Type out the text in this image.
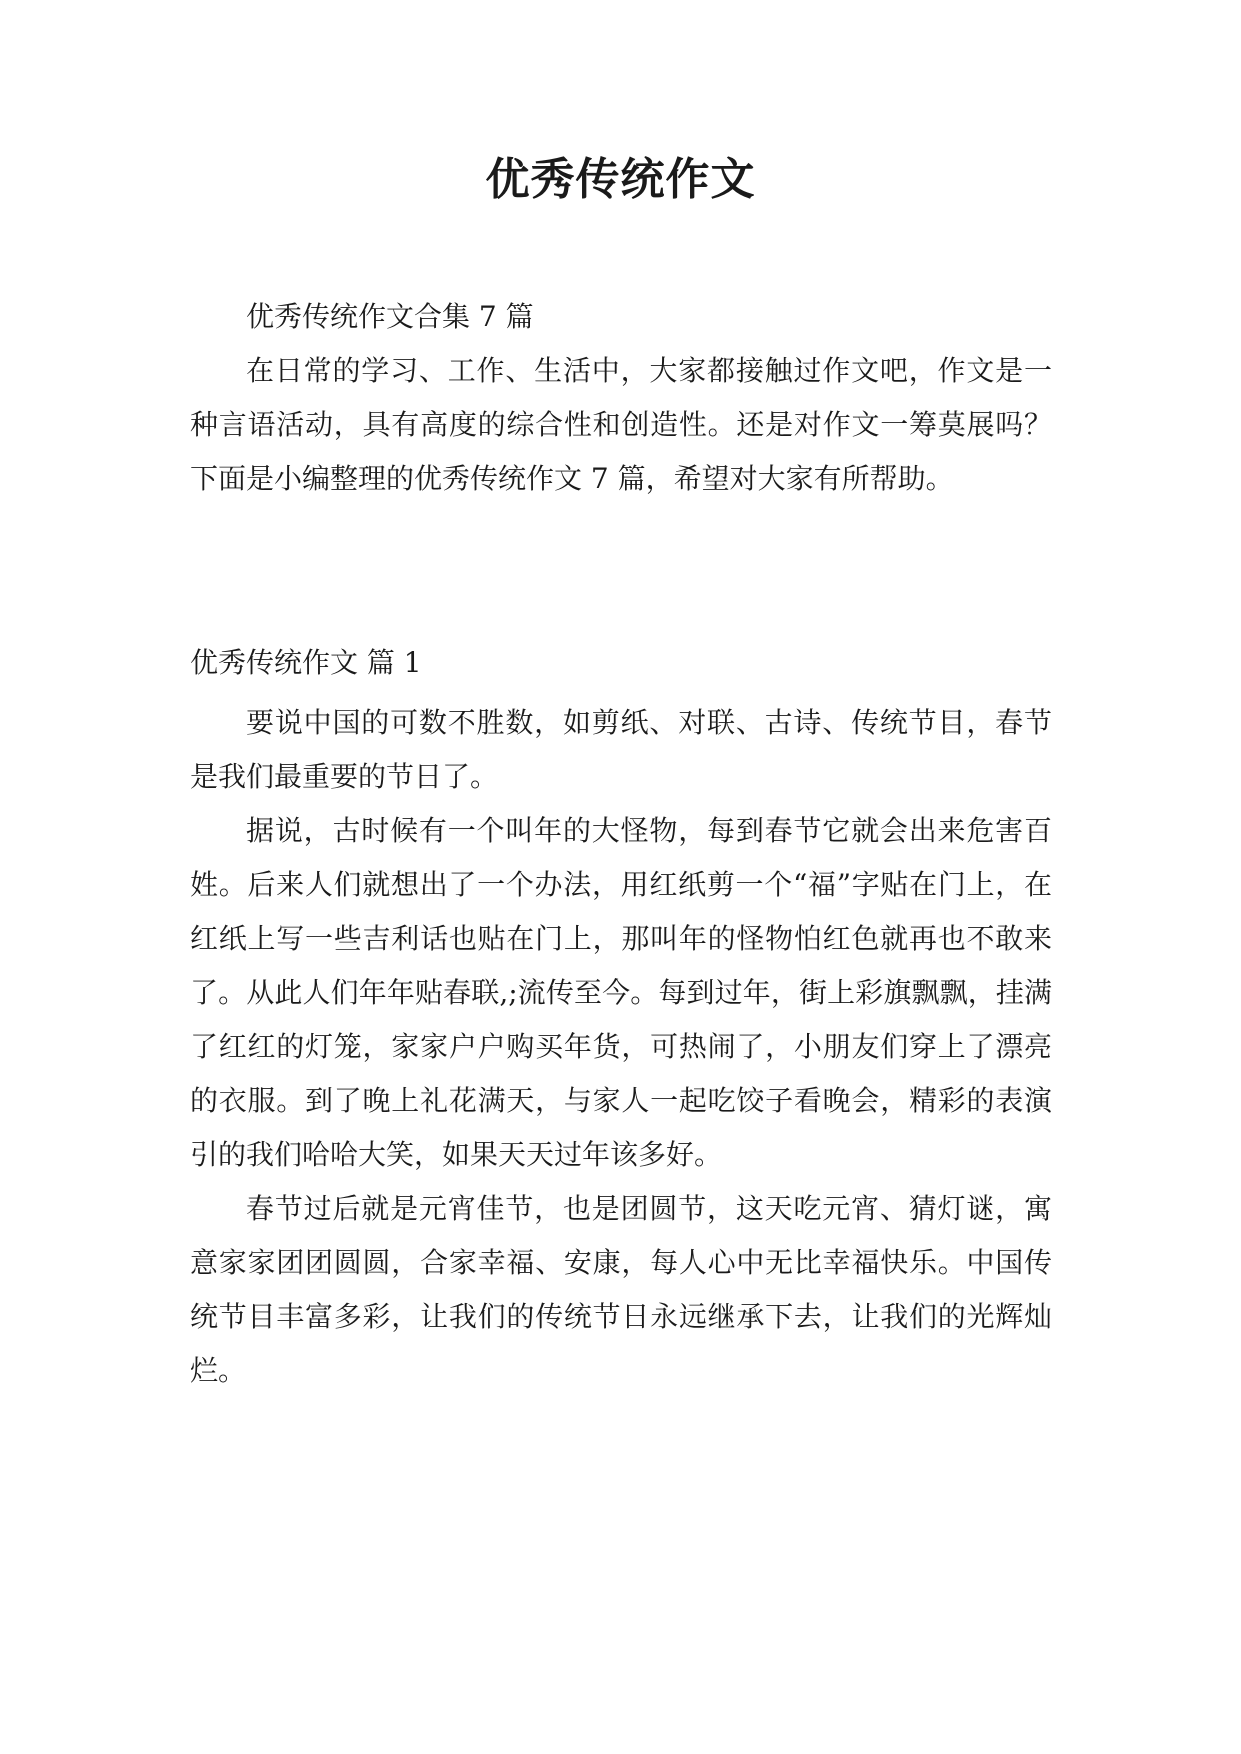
优秀传统作文

优秀传统作文合集 7 篇

在日常的学习、工作、生活中，大家都接触过作文吧，作文是一种言语活动，具有高度的综合性和创造性。还是对作文一筹莫展吗？下面是小编整理的优秀传统作文 7 篇，希望对大家有所帮助。

优秀传统作文 篇 1

要说中国的可数不胜数，如剪纸、对联、古诗、传统节目，春节是我们最重要的节日了。

据说，古时候有一个叫年的大怪物，每到春节它就会出来危害百姓。后来人们就想出了一个办法，用红纸剪一个“福”字贴在门上，在红纸上写一些吉利话也贴在门上，那叫年的怪物怕红色就再也不敢来了。从此人们年年贴春联,;流传至今。每到过年，街上彩旗飘飘，挂满了红红的灯笼，家家户户购买年货，可热闹了，小朋友们穿上了漂亮的衣服。到了晚上礼花满天，与家人一起吃饺子看晚会，精彩的表演引的我们哈哈大笑，如果天天过年该多好。

春节过后就是元宵佳节，也是团圆节，这天吃元宵、猜灯谜，寓意家家团团圆圆，合家幸福、安康，每人心中无比幸福快乐。中国传统节目丰富多彩，让我们的传统节日永远继承下去，让我们的光辉灿烂。
